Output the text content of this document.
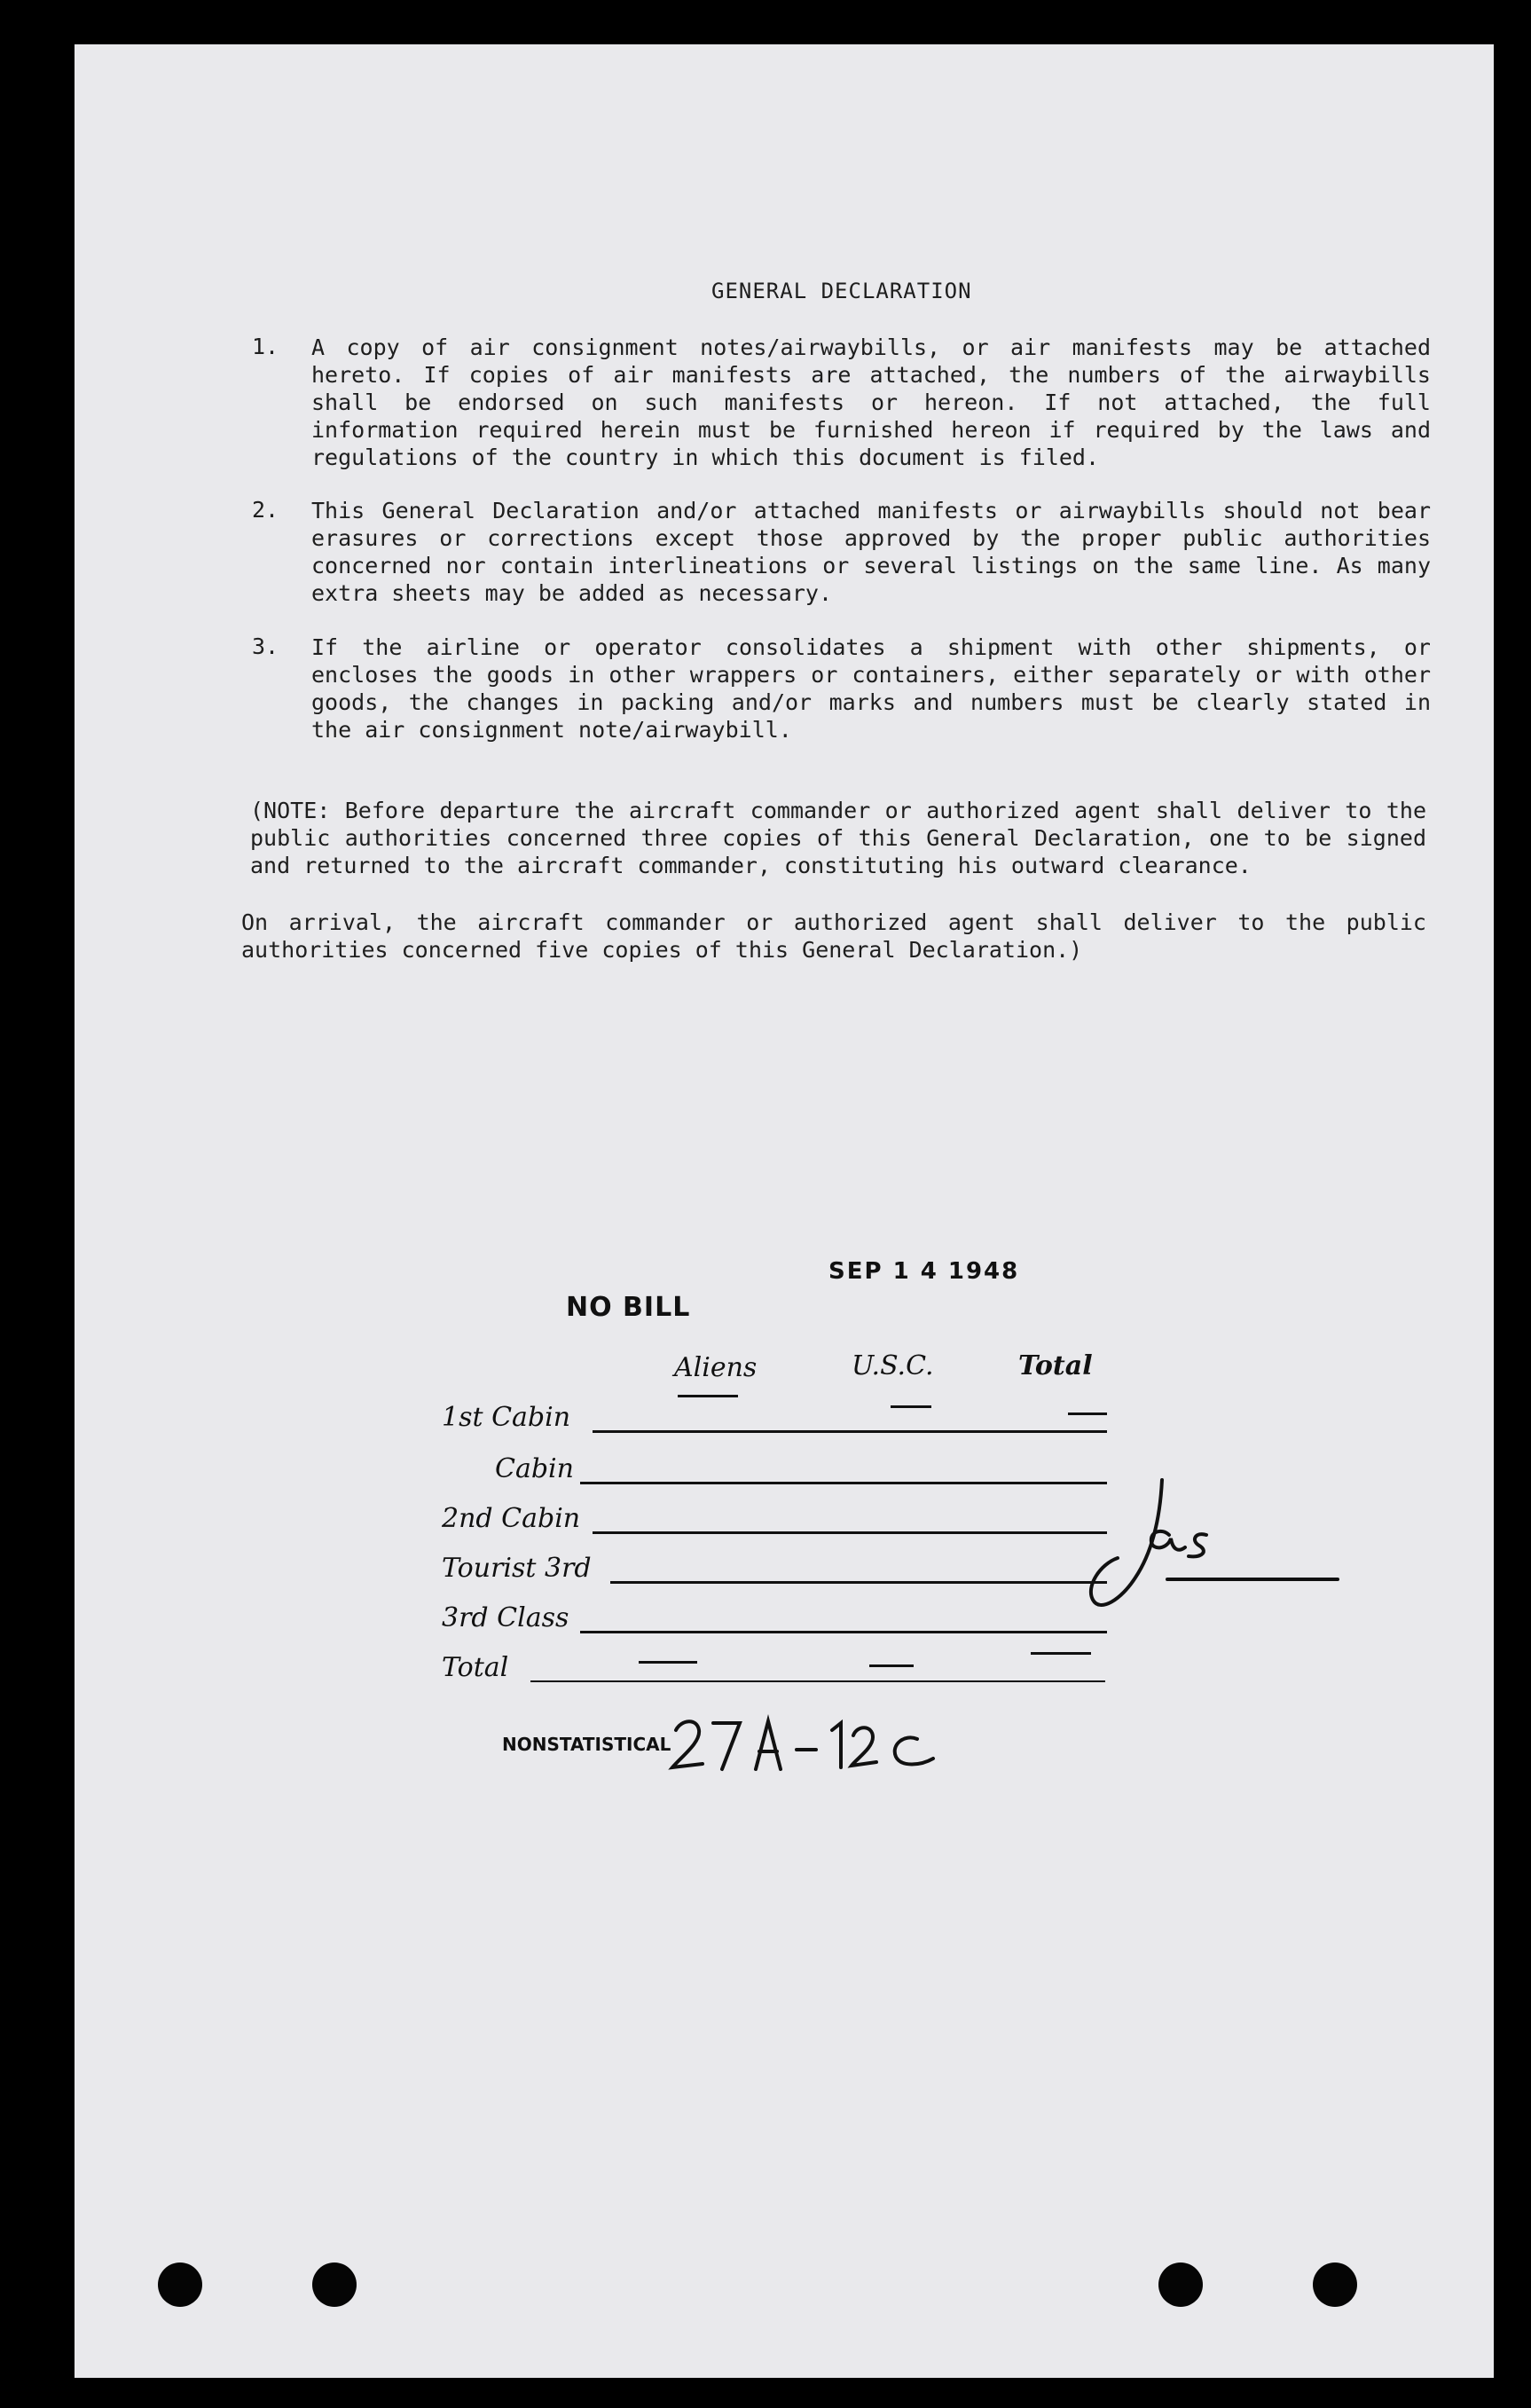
GENERAL DECLARATION
1. A copy of air consignment notes/airwaybills, or air manifests may be attached hereto. If copies of air manifests are attached, the numbers of the airwaybills shall be endorsed on such manifests or hereon. If not attached, the full information required herein must be furnished hereon if required by the laws and regulations of the country in which this document is filed.
2. This General Declaration and/or attached manifests or airwaybills should not bear erasures or corrections except those approved by the proper public authorities concerned nor contain interlineations or several listings on the same line. As many extra sheets may be added as necessary.
3. If the airline or operator consolidates a shipment with other shipments, or encloses the goods in other wrappers or containers, either separately or with other goods, the changes in packing and/or marks and numbers must be clearly stated in the air consignment note/airwaybill.
(NOTE: Before departure the aircraft commander or authorized agent shall deliver to the public authorities concerned three copies of this General Declaration, one to be signed and returned to the aircraft commander, constituting his outward clearance.
On arrival, the aircraft commander or authorized agent shall deliver to the public authorities concerned five copies of this General Declaration.)
SEP 1 4 1948
NO BILL
Aliens	U.S.C.	Total
1st Cabin
Cabin
2nd Cabin
Tourist 3rd
3rd Class
Total
NONSTATISTICAL
